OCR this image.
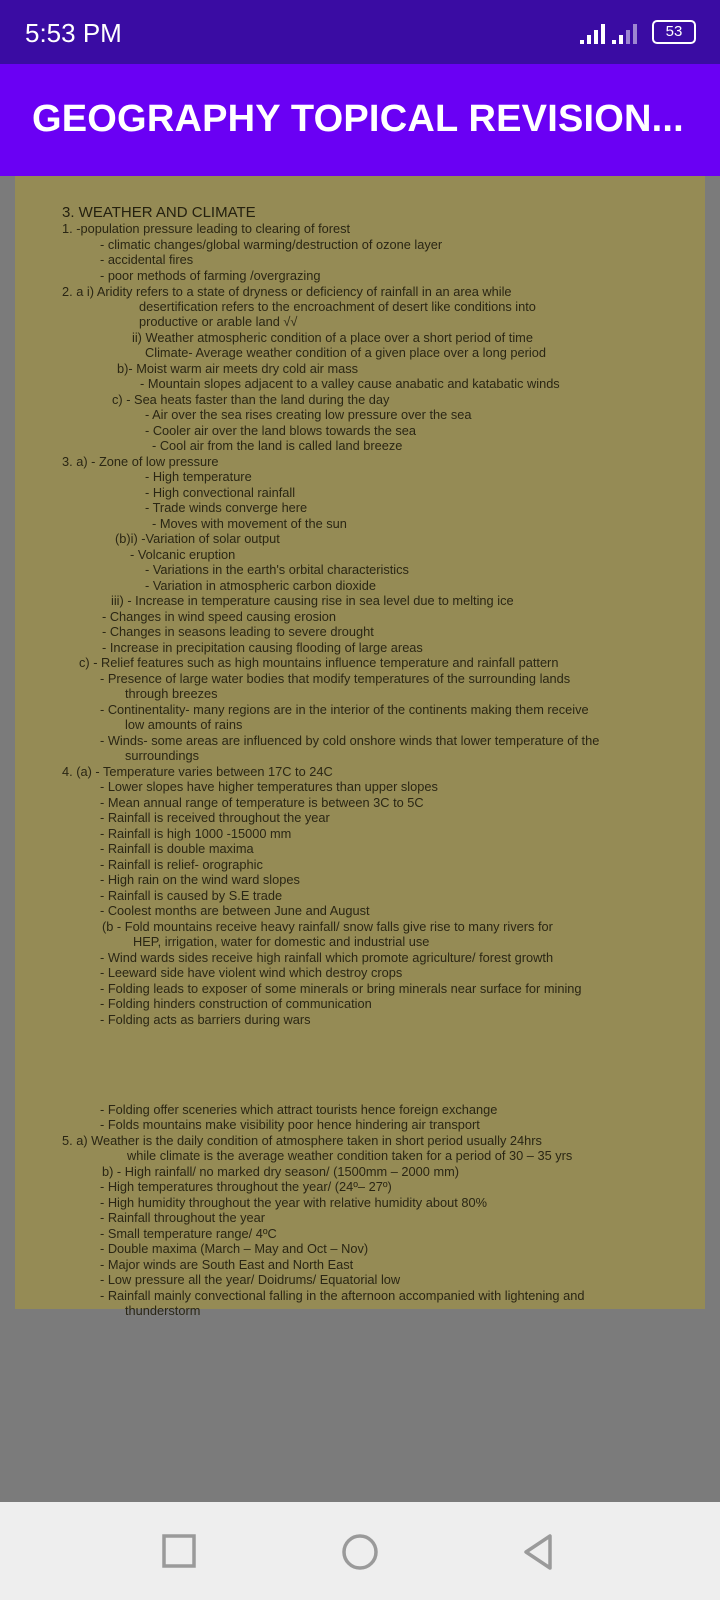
5:53 PM	53
GEOGRAPHY TOPICAL REVISION...
3. WEATHER AND CLIMATE
1. -population pressure leading to clearing of forest
- climatic changes/global warming/destruction of ozone layer
- accidental fires
- poor methods of farming /overgrazing
2. a i) Aridity refers to a state of dryness or deficiency of rainfall in an area while
desertification refers to the encroachment of desert like conditions into
productive or arable land √√
ii) Weather atmospheric condition of a place over a short period of time
Climate- Average weather condition of a given place over a long period
b)- Moist warm air meets dry cold air mass
- Mountain slopes adjacent to a valley cause anabatic and katabatic winds
c) - Sea heats faster than the land during the day
- Air over the sea rises creating low pressure over the sea
- Cooler air over the land blows towards the sea
- Cool air from the land is called land breeze
3. a) - Zone of low pressure
- High temperature
- High convectional rainfall
- Trade winds converge here
- Moves with movement of the sun
(b)i) -Variation of solar output
- Volcanic eruption
- Variations in the earth's orbital characteristics
- Variation in atmospheric carbon dioxide
iii) - Increase in temperature causing rise in sea level due to melting ice
- Changes in wind speed causing erosion
- Changes in seasons leading to severe drought
- Increase in precipitation causing flooding of large areas
c) - Relief features such as high mountains influence temperature and rainfall pattern
- Presence of large water bodies that modify temperatures of the surrounding lands
through breezes
- Continentality- many regions are in the interior of the continents making them receive
low amounts of rains
- Winds- some areas are influenced by cold onshore winds that lower temperature of the
surroundings
4. (a) - Temperature varies between 17C to 24C
- Lower slopes have higher temperatures than upper slopes
- Mean annual range of temperature is between 3C to 5C
- Rainfall is received throughout the year
- Rainfall is high 1000 -15000 mm
- Rainfall is double maxima
- Rainfall is relief- orographic
- High rain on the wind ward slopes
- Rainfall is caused by S.E trade
- Coolest months are between June and August
(b - Fold mountains receive heavy rainfall/ snow falls give rise to many rivers for
HEP, irrigation, water for domestic and industrial use
- Wind wards sides receive high rainfall which promote agriculture/ forest growth
- Leeward side have violent wind which destroy crops
- Folding leads to exposer of some minerals or bring minerals near surface for mining
- Folding hinders construction of communication
- Folding acts as barriers during wars
- Folding offer sceneries which attract tourists hence foreign exchange
- Folds mountains make visibility poor hence hindering air transport
5. a) Weather is the daily condition of atmosphere taken in short period usually 24hrs
while climate is the average weather condition taken for a period of 30 – 35 yrs
b) - High rainfall/ no marked dry season/ (1500mm – 2000 mm)
- High temperatures throughout the year/ (24º– 27º)
- High humidity throughout the year with relative humidity about 80%
- Rainfall throughout the year
- Small temperature range/ 4ºC
- Double maxima (March – May and Oct – Nov)
- Major winds are South East and North East
- Low pressure all the year/ Doidrums/ Equatorial low
- Rainfall mainly convectional falling in the afternoon accompanied with lightening and
thunderstorm
